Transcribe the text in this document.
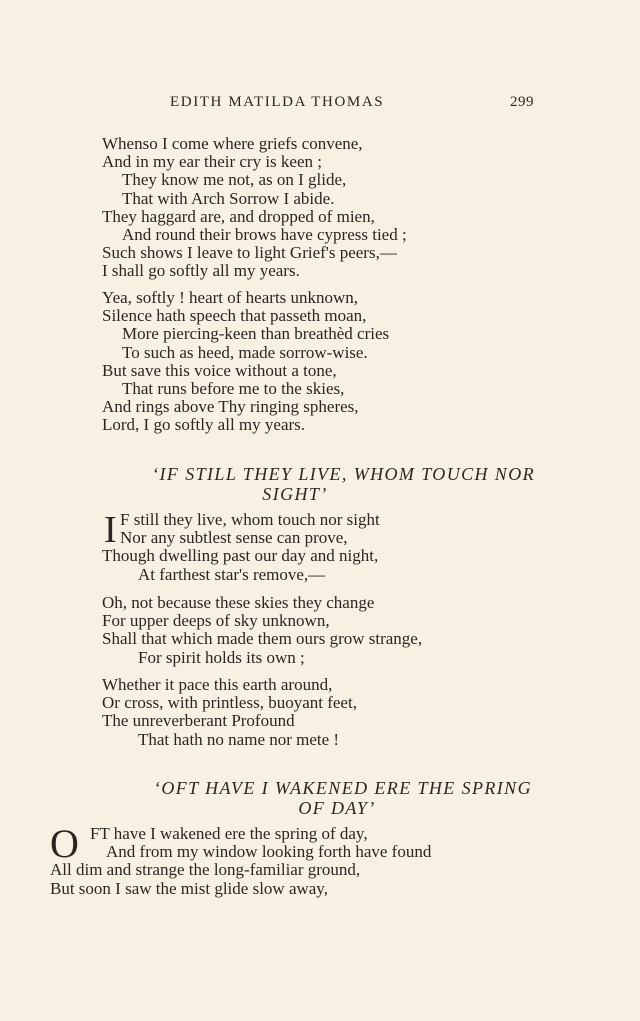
EDITH MATILDA THOMAS	299
Whenso I come where griefs convene,
And in my ear their cry is keen ;
They know me not, as on I glide,
That with Arch Sorrow I abide.
They haggard are, and dropped of mien,
And round their brows have cypress tied ;
Such shows I leave to light Grief's peers,—
I shall go softly all my years.
Yea, softly ! heart of hearts unknown,
Silence hath speech that passeth moan,
More piercing-keen than breathèd cries
To such as heed, made sorrow-wise.
But save this voice without a tone,
That runs before me to the skies,
And rings above Thy ringing spheres,
Lord, I go softly all my years.
‘IF STILL THEY LIVE, WHOM TOUCH NOR
SIGHT’
I F still they live, whom touch nor sight
Nor any subtlest sense can prove,
Though dwelling past our day and night,
At farthest star's remove,—
Oh, not because these skies they change
For upper deeps of sky unknown,
Shall that which made them ours grow strange,
For spirit holds its own ;
Whether it pace this earth around,
Or cross, with printless, buoyant feet,
The unreverberant Profound
That hath no name nor mete !
‘OFT HAVE I WAKENED ERE THE SPRING
OF DAY’
O FT have I wakened ere the spring of day,
And from my window looking forth have found
All dim and strange the long-familiar ground,
But soon I saw the mist glide slow away,
